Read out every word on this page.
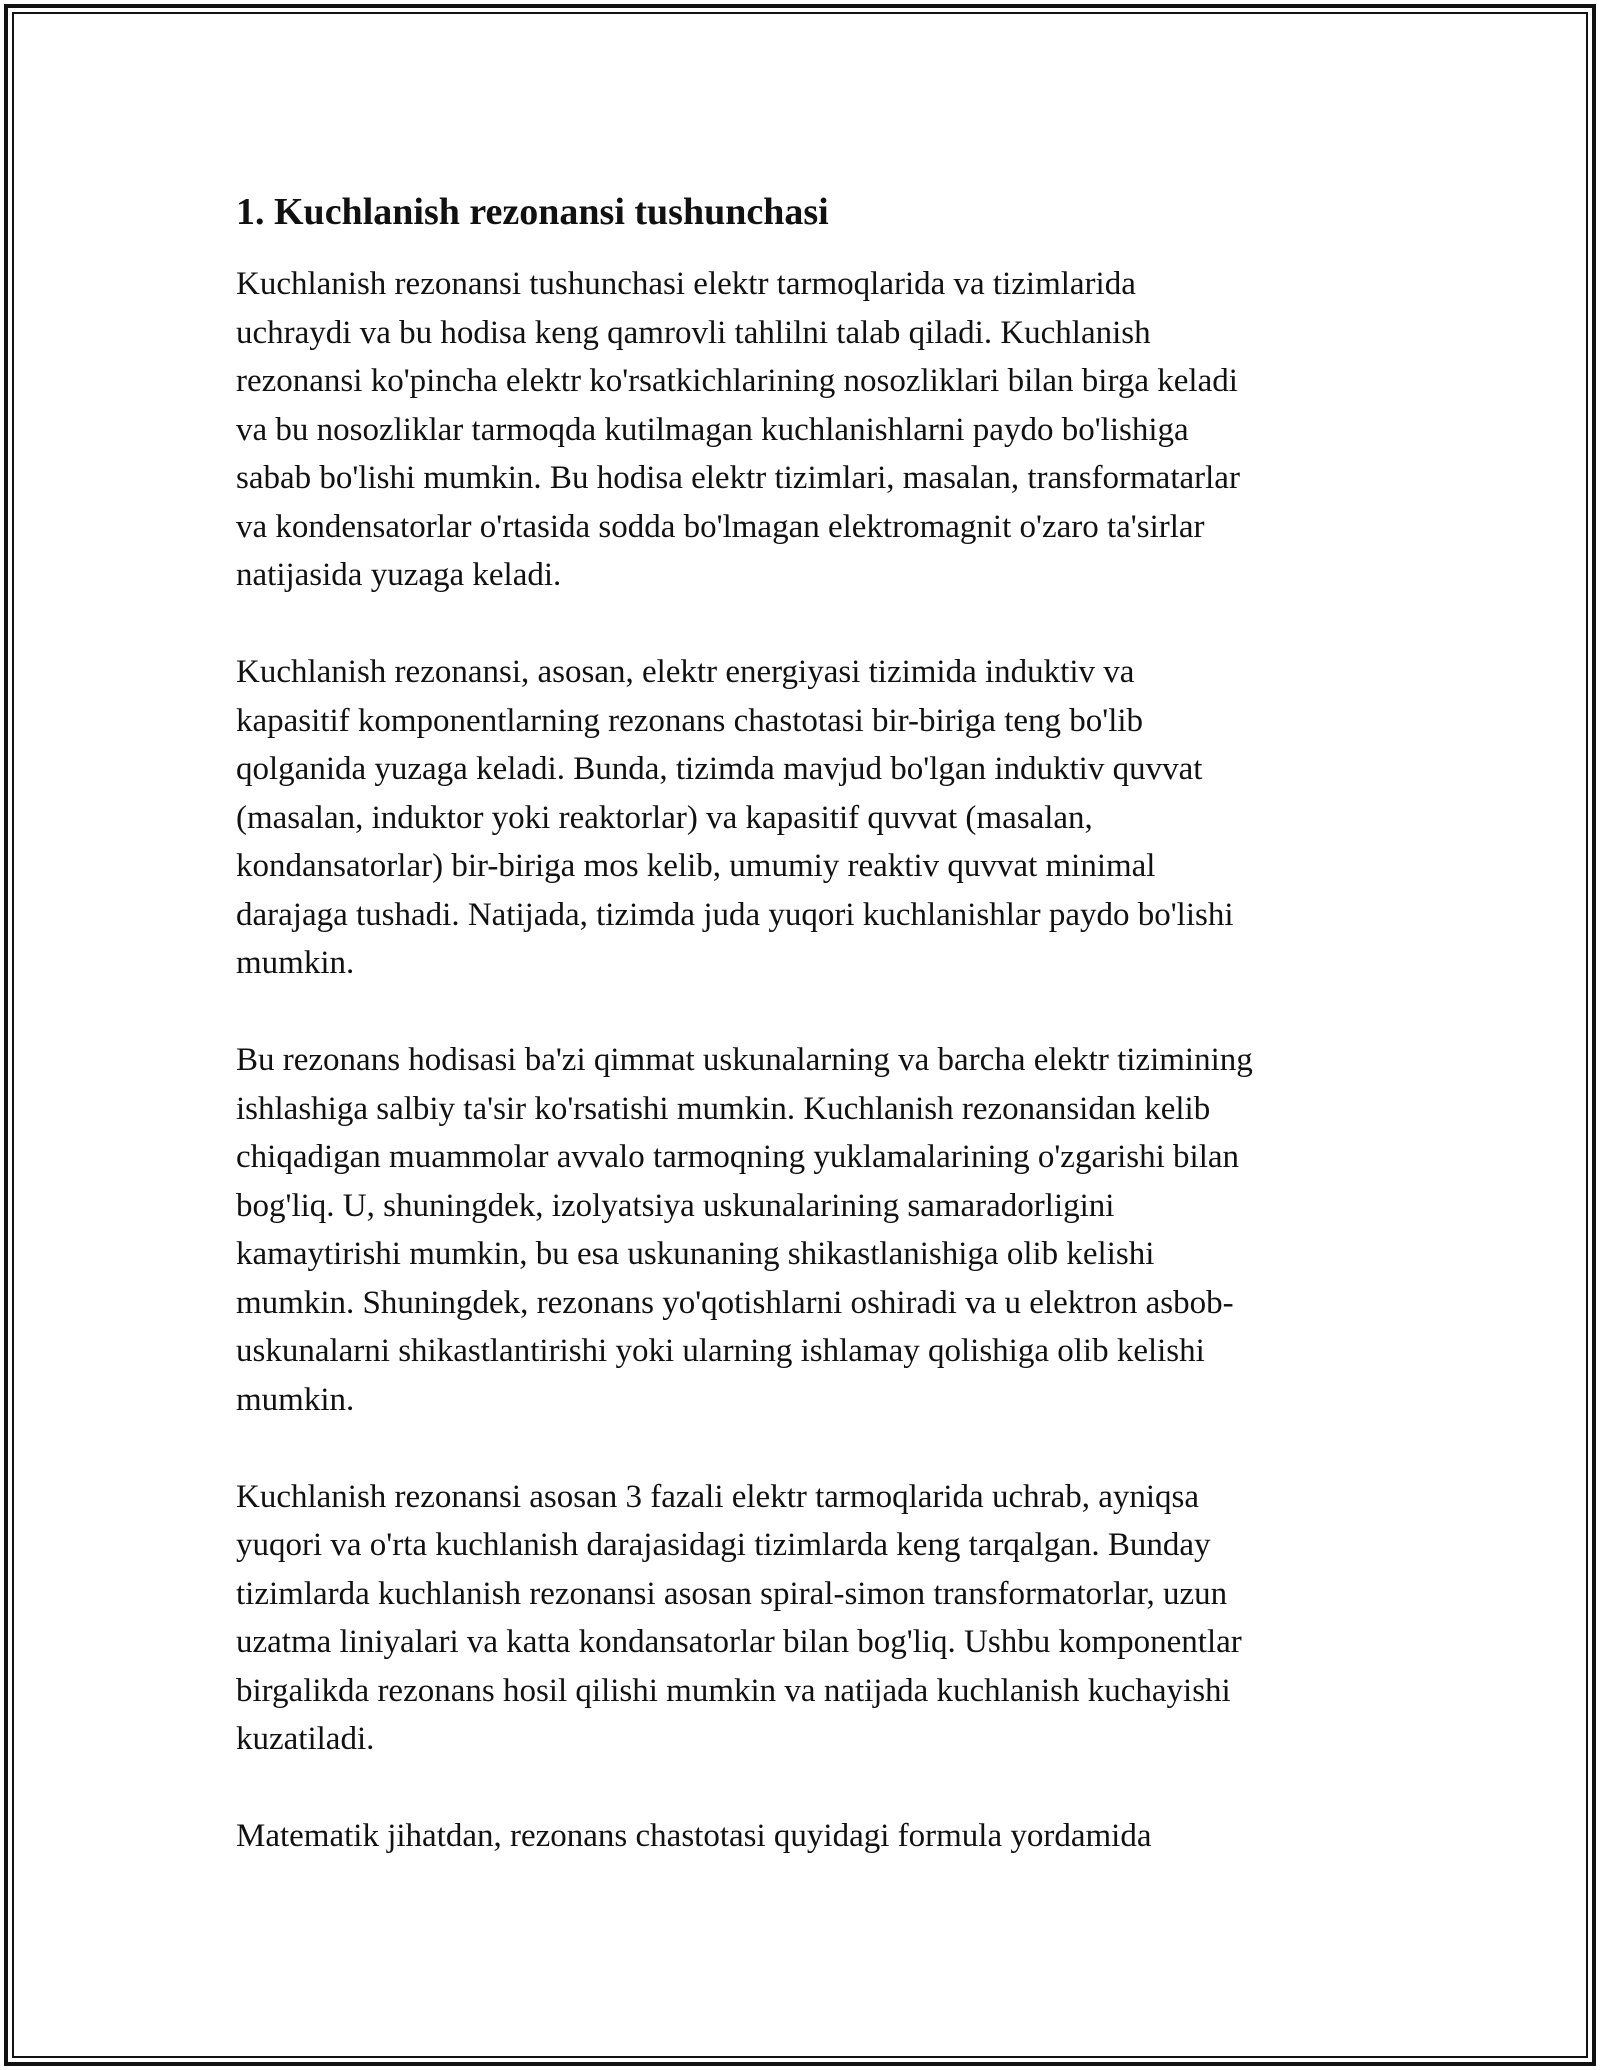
1. Kuchlanish rezonansi tushunchasi

Kuchlanish rezonansi tushunchasi elektr tarmoqlarida va tizimlarida
uchraydi va bu hodisa keng qamrovli tahlilni talab qiladi. Kuchlanish
rezonansi ko'pincha elektr ko'rsatkichlarining nosozliklari bilan birga keladi
va bu nosozliklar tarmoqda kutilmagan kuchlanishlarni paydo bo'lishiga
sabab bo'lishi mumkin. Bu hodisa elektr tizimlari, masalan, transformatarlar
va kondensatorlar o'rtasida sodda bo'lmagan elektromagnit o'zaro ta'sirlar
natijasida yuzaga keladi.

Kuchlanish rezonansi, asosan, elektr energiyasi tizimida induktiv va
kapasitif komponentlarning rezonans chastotasi bir-biriga teng bo'lib
qolganida yuzaga keladi. Bunda, tizimda mavjud bo'lgan induktiv quvvat
(masalan, induktor yoki reaktorlar) va kapasitif quvvat (masalan,
kondansatorlar) bir-biriga mos kelib, umumiy reaktiv quvvat minimal
darajaga tushadi. Natijada, tizimda juda yuqori kuchlanishlar paydo bo'lishi
mumkin.

Bu rezonans hodisasi ba'zi qimmat uskunalarning va barcha elektr tizimining
ishlashiga salbiy ta'sir ko'rsatishi mumkin. Kuchlanish rezonansidan kelib
chiqadigan muammolar avvalo tarmoqning yuklamalarining o'zgarishi bilan
bog'liq. U, shuningdek, izolyatsiya uskunalarining samaradorligini
kamaytirishi mumkin, bu esa uskunaning shikastlanishiga olib kelishi
mumkin. Shuningdek, rezonans yo'qotishlarni oshiradi va u elektron asbob-
uskunalarni shikastlantirishi yoki ularning ishlamay qolishiga olib kelishi
mumkin.

Kuchlanish rezonansi asosan 3 fazali elektr tarmoqlarida uchrab, ayniqsa
yuqori va o'rta kuchlanish darajasidagi tizimlarda keng tarqalgan. Bunday
tizimlarda kuchlanish rezonansi asosan spiral-simon transformatorlar, uzun
uzatma liniyalari va katta kondansatorlar bilan bog'liq. Ushbu komponentlar
birgalikda rezonans hosil qilishi mumkin va natijada kuchlanish kuchayishi
kuzatiladi.

Matematik jihatdan, rezonans chastotasi quyidagi formula yordamida
